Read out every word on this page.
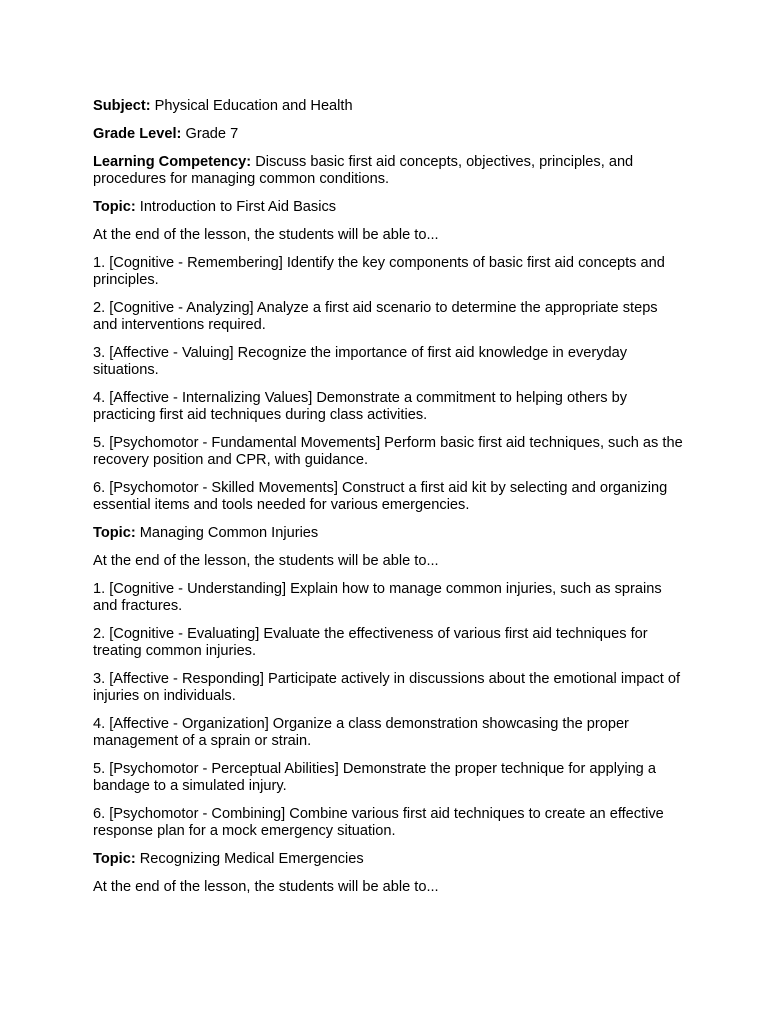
Subject: Physical Education and Health

Grade Level: Grade 7

Learning Competency: Discuss basic first aid concepts, objectives, principles, and procedures for managing common conditions.

Topic: Introduction to First Aid Basics

At the end of the lesson, the students will be able to...

1. [Cognitive - Remembering] Identify the key components of basic first aid concepts and principles.

2. [Cognitive - Analyzing] Analyze a first aid scenario to determine the appropriate steps and interventions required.

3. [Affective - Valuing] Recognize the importance of first aid knowledge in everyday situations.

4. [Affective - Internalizing Values] Demonstrate a commitment to helping others by practicing first aid techniques during class activities.

5. [Psychomotor - Fundamental Movements] Perform basic first aid techniques, such as the recovery position and CPR, with guidance.

6. [Psychomotor - Skilled Movements] Construct a first aid kit by selecting and organizing essential items and tools needed for various emergencies.

Topic: Managing Common Injuries

At the end of the lesson, the students will be able to...

1. [Cognitive - Understanding] Explain how to manage common injuries, such as sprains and fractures.

2. [Cognitive - Evaluating] Evaluate the effectiveness of various first aid techniques for treating common injuries.

3. [Affective - Responding] Participate actively in discussions about the emotional impact of injuries on individuals.

4. [Affective - Organization] Organize a class demonstration showcasing the proper management of a sprain or strain.

5. [Psychomotor - Perceptual Abilities] Demonstrate the proper technique for applying a bandage to a simulated injury.

6. [Psychomotor - Combining] Combine various first aid techniques to create an effective response plan for a mock emergency situation.

Topic: Recognizing Medical Emergencies

At the end of the lesson, the students will be able to...
